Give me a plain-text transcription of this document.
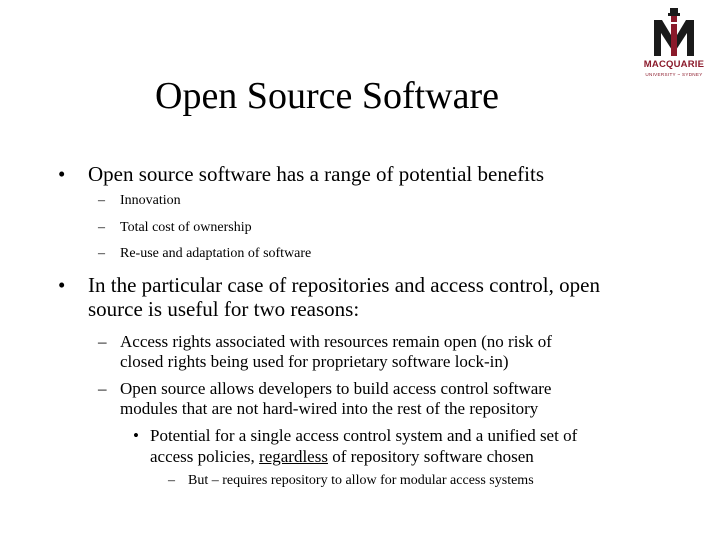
MACQUARIE
UNIVERSITY ~ SYDNEY
Open Source Software
• Open source software has a range of potential benefits
– Innovation
– Total cost of ownership
– Re-use and adaptation of software
• In the particular case of repositories and access control, open
source is useful for two reasons:
– Access rights associated with resources remain open (no risk of
closed rights being used for proprietary software lock-in)
– Open source allows developers to build access control software
modules that are not hard-wired into the rest of the repository
• Potential for a single access control system and a unified set of
access policies, regardless of repository software chosen
– But – requires repository to allow for modular access systems
